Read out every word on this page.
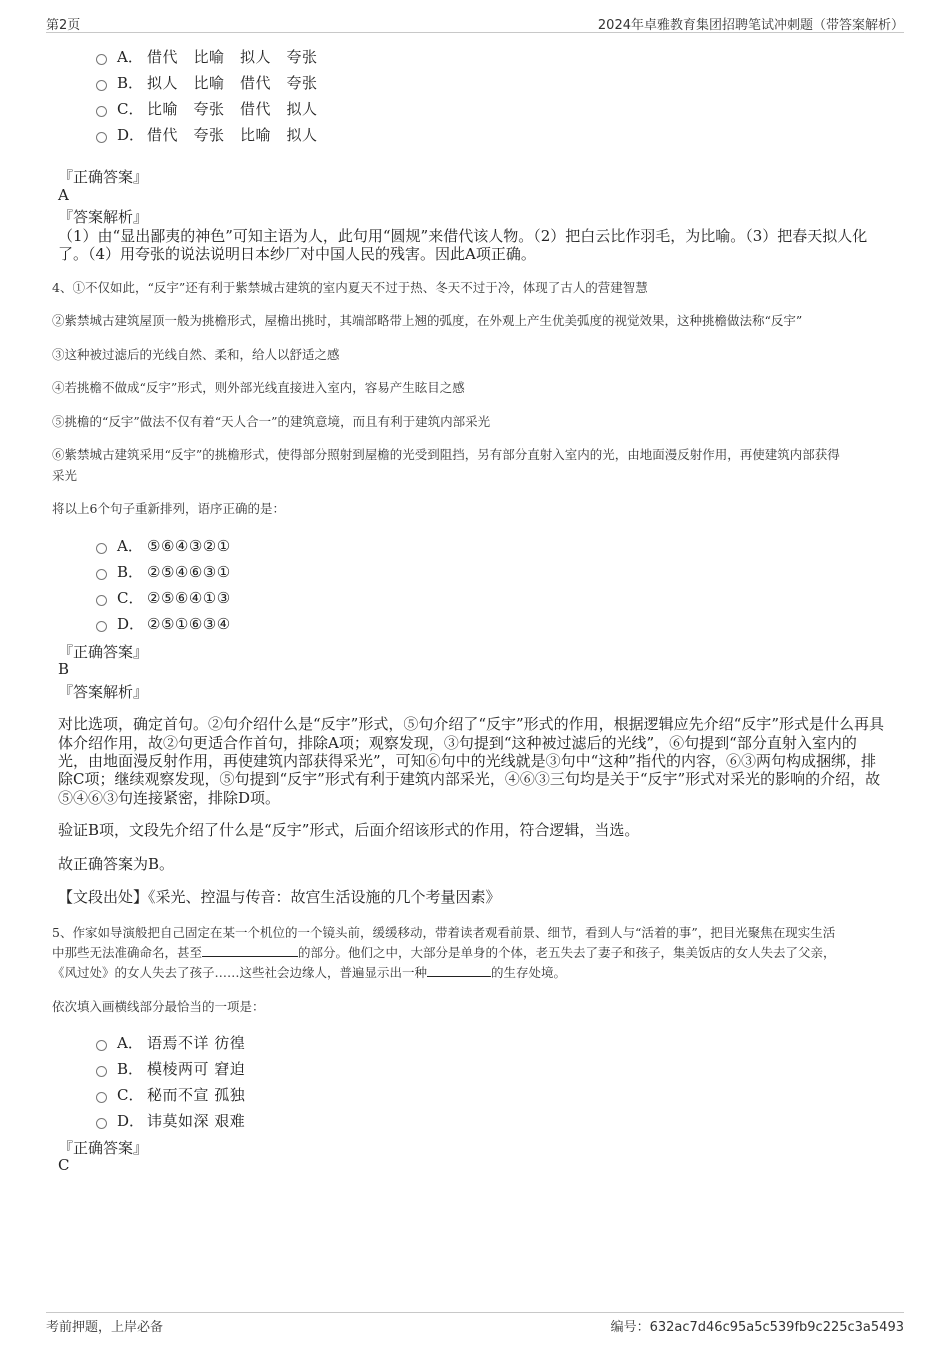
第2页	2024年卓雅教育集团招聘笔试冲刺题（带答案解析）
A． 借代　比喻　拟人　夸张
B． 拟人　比喻　借代　夸张
C． 比喻　夸张　借代　拟人
D． 借代　夸张　比喻　拟人
『正确答案』
A
『答案解析』
（1）由“显出鄙夷的神色”可知主语为人，此句用“圆规”来借代该人物。（2）把白云比作羽毛，为比喻。（3）把春天拟人化
了。（4）用夸张的说法说明日本纱厂对中国人民的残害。因此A项正确。
4、①不仅如此，“反宇”还有利于紫禁城古建筑的室内夏天不过于热、冬天不过于冷，体现了古人的营建智慧
②紫禁城古建筑屋顶一般为挑檐形式，屋檐出挑时，其端部略带上翘的弧度，在外观上产生优美弧度的视觉效果，这种挑檐做法称“反宇”
③这种被过滤后的光线自然、柔和，给人以舒适之感
④若挑檐不做成“反宇”形式，则外部光线直接进入室内，容易产生眩目之感
⑤挑檐的“反宇”做法不仅有着“天人合一”的建筑意境，而且有利于建筑内部采光
⑥紫禁城古建筑采用“反宇”的挑檐形式，使得部分照射到屋檐的光受到阻挡，另有部分直射入室内的光，由地面漫反射作用，再使建筑内部获得
采光
将以上6个句子重新排列，语序正确的是：
A． ⑤⑥④③②①
B． ②⑤④⑥③①
C． ②⑤⑥④①③
D． ②⑤①⑥③④
『正确答案』
B
『答案解析』
对比选项，确定首句。②句介绍什么是“反宇”形式，⑤句介绍了“反宇”形式的作用，根据逻辑应先介绍“反宇”形式是什么再具
体介绍作用，故②句更适合作首句，排除A项；观察发现，③句提到“这种被过滤后的光线”，⑥句提到“部分直射入室内的
光，由地面漫反射作用，再使建筑内部获得采光”，可知⑥句中的光线就是③句中“这种”指代的内容，⑥③两句构成捆绑，排
除C项；继续观察发现，⑤句提到“反宇”形式有利于建筑内部采光，④⑥③三句均是关于“反宇”形式对采光的影响的介绍，故
⑤④⑥③句连接紧密，排除D项。
验证B项，文段先介绍了什么是“反宇”形式，后面介绍该形式的作用，符合逻辑，当选。
故正确答案为B。
【文段出处】《采光、控温与传音：故宫生活设施的几个考量因素》
5、作家如导演般把自己固定在某一个机位的一个镜头前，缓缓移动，带着读者观看前景、细节，看到人与“活着的事”，把目光聚焦在现实生活
中那些无法准确命名，甚至	的部分。他们之中，大部分是单身的个体，老五失去了妻子和孩子，集美饭店的女人失去了父亲，
《风过处》的女人失去了孩子……这些社会边缘人，普遍显示出一种	的生存处境。
依次填入画横线部分最恰当的一项是：
A． 语焉不详 彷徨
B． 模棱两可 窘迫
C． 秘而不宣 孤独
D． 讳莫如深 艰难
『正确答案』
C
考前押题，上岸必备	编号：632ac7d46c95a5c539fb9c225c3a5493
